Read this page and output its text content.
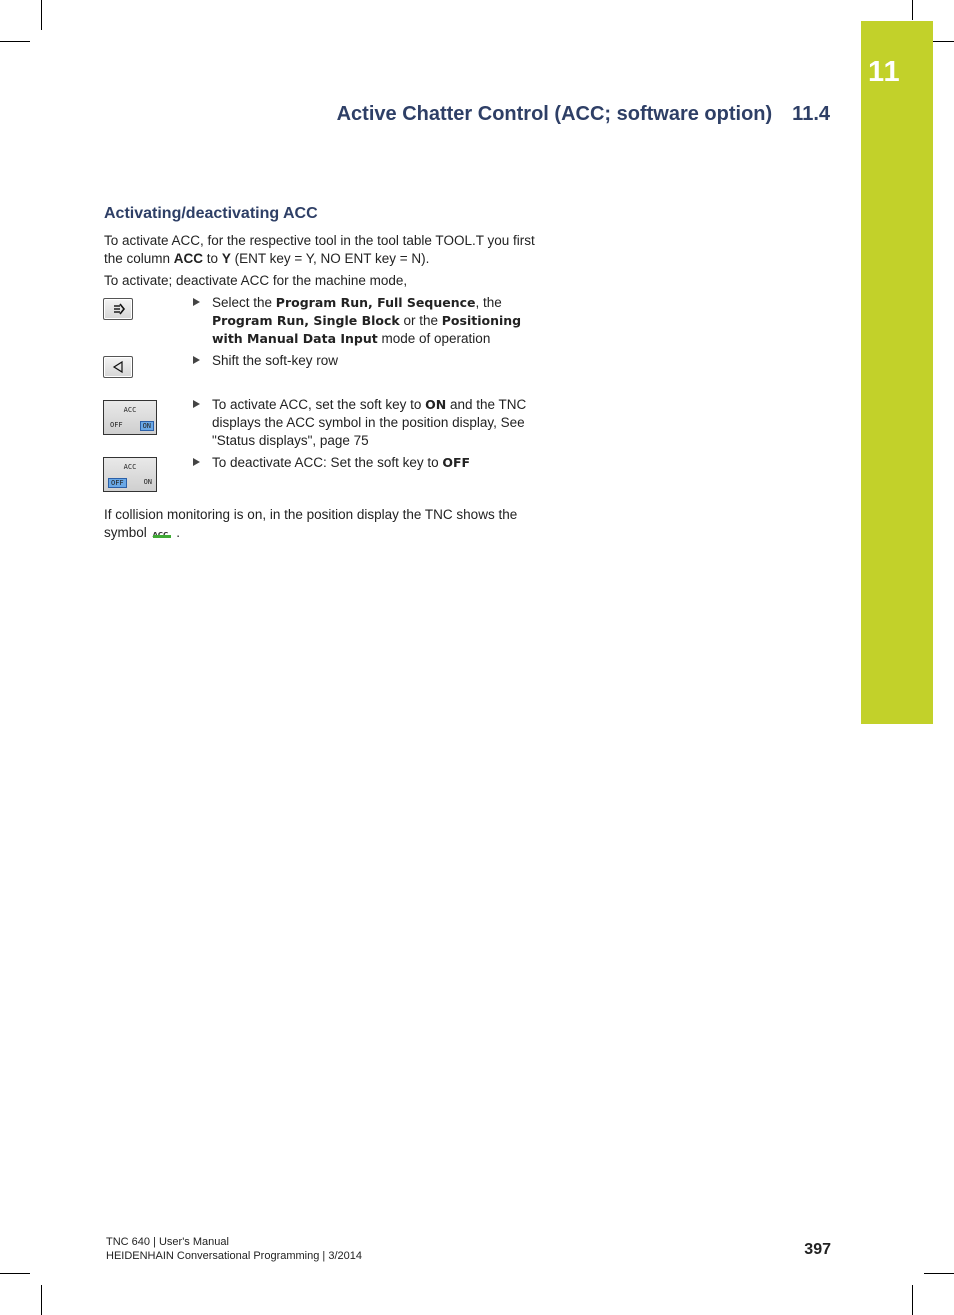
11
Active Chatter Control (ACC; software option) 11.4
Activating/deactivating ACC

To activate ACC, for the respective tool in the tool table TOOL.T you first the column ACC to Y (ENT key = Y, NO ENT key = N).

To activate; deactivate ACC for the machine mode,

Select the Program Run, Full Sequence, the Program Run, Single Block or the Positioning with Manual Data Input mode of operation

Shift the soft-key row

ACC
OFF	ON

To activate ACC, set the soft key to ON and the TNC displays the ACC symbol in the position display, See "Status displays", page 75

ACC
OFF	ON

To deactivate ACC: Set the soft key to OFF

If collision monitoring is on, in the position display the TNC shows the symbol
.

TNC 640 | User's Manual
HEIDENHAIN Conversational Programming | 3/2014	397
